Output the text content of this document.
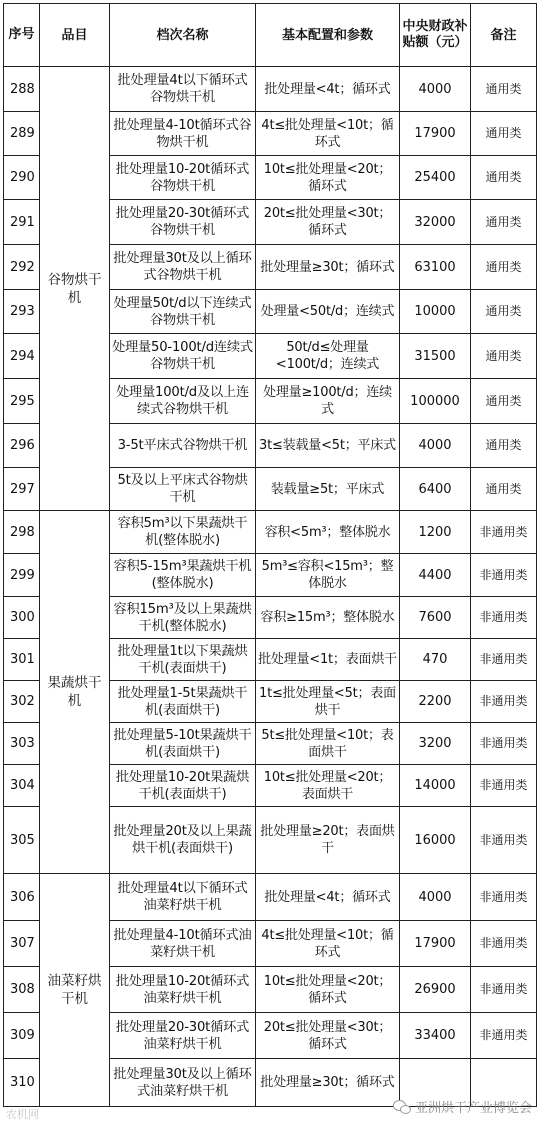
序号	品目	档次名称	基本配置和参数	中央财政补贴额（元）	备注
288	谷物烘干机	批处理量4t以下循环式谷物烘干机	批处理量<4t；循环式	4000	通用类
289		批处理量4-10t循环式谷物烘干机	4t≤批处理量<10t；循环式	17900	通用类
290		批处理量10-20t循环式谷物烘干机	10t≤批处理量<20t；循环式	25400	通用类
291		批处理量20-30t循环式谷物烘干机	20t≤批处理量<30t；循环式	32000	通用类
292		批处理量30t及以上循环式谷物烘干机	批处理量≥30t；循环式	63100	通用类
293		处理量50t/d以下连续式谷物烘干机	处理量<50t/d；连续式	10000	通用类
294		处理量50-100t/d连续式谷物烘干机	50t/d≤处理量<100t/d；连续式	31500	通用类
295		处理量100t/d及以上连续式谷物烘干机	处理量≥100t/d；连续式	100000	通用类
296		3-5t平床式谷物烘干机	3t≤装载量<5t；平床式	4000	通用类
297		5t及以上平床式谷物烘干机	装载量≥5t；平床式	6400	通用类
298	果蔬烘干机	容积5m³以下果蔬烘干机(整体脱水)	容积<5m³；整体脱水	1200	非通用类
299		容积5-15m³果蔬烘干机(整体脱水)	5m³≤容积<15m³；整体脱水	4400	非通用类
300		容积15m³及以上果蔬烘干机(整体脱水)	容积≥15m³；整体脱水	7600	非通用类
301		批处理量1t以下果蔬烘干机(表面烘干)	批处理量<1t；表面烘干	470	非通用类
302		批处理量1-5t果蔬烘干机(表面烘干)	1t≤批处理量<5t；表面烘干	2200	非通用类
303		批处理量5-10t果蔬烘干机(表面烘干)	5t≤批处理量<10t；表面烘干	3200	非通用类
304		批处理量10-20t果蔬烘干机(表面烘干)	10t≤批处理量<20t；表面烘干	14000	非通用类
305		批处理量20t及以上果蔬烘干机(表面烘干)	批处理量≥20t；表面烘干	16000	非通用类
306	油菜籽烘干机	批处理量4t以下循环式油菜籽烘干机	批处理量<4t；循环式	4000	非通用类
307		批处理量4-10t循环式油菜籽烘干机	4t≤批处理量<10t；循环式	17900	非通用类
308		批处理量10-20t循环式油菜籽烘干机	10t≤批处理量<20t；循环式	26900	非通用类
309		批处理量20-30t循环式油菜籽烘干机	20t≤批处理量<30t；循环式	33400	非通用类
310		批处理量30t及以上循环式油菜籽烘干机	批处理量≥30t；循环式		
农机网	亚洲烘干产业博览会
